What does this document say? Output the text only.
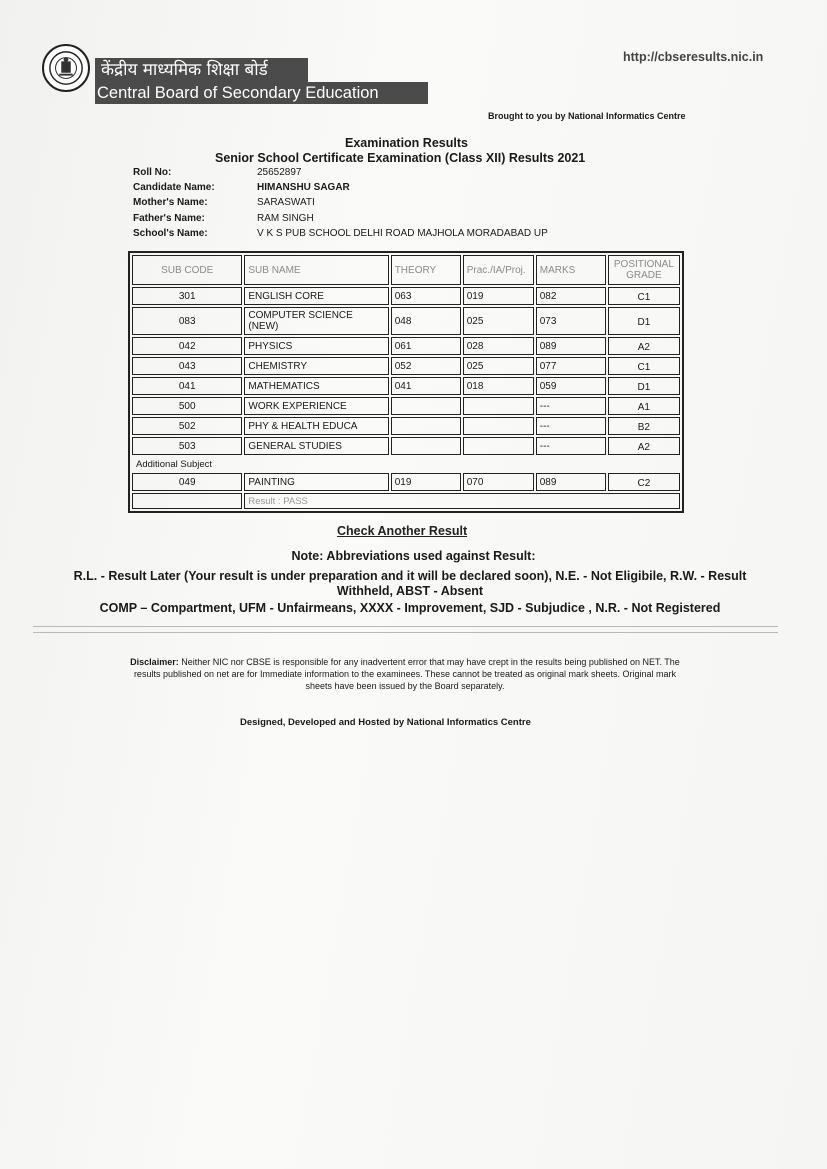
केंद्रीय माध्यमिक शिक्षा बोर्ड
Central Board of Secondary Education
http://cbseresults.nic.in
Brought to you by National Informatics Centre
Examination Results
Senior School Certificate Examination (Class XII) Results 2021
Roll No:	25652897
Candidate Name:	HIMANSHU SAGAR
Mother's Name:	SARASWATI
Father's Name:	RAM SINGH
School's Name:	V K S PUB SCHOOL DELHI ROAD MAJHOLA MORADABAD UP
SUB CODE	SUB NAME	THEORY	Prac./IA/Proj.	MARKS	POSITIONAL
GRADE
301	ENGLISH CORE	063	019	082	C1
083	COMPUTER SCIENCE (NEW)	048	025	073	D1
042	PHYSICS	061	028	089	A2
043	CHEMISTRY	052	025	077	C1
041	MATHEMATICS	041	018	059	D1
500	WORK EXPERIENCE			---	A1
502	PHY & HEALTH EDUCA			---	B2
503	GENERAL STUDIES			---	A2
Additional Subject					
049	PAINTING	019	070	089	C2
	Result : PASS				
Check Another Result
Note: Abbreviations used against Result:
R.L. - Result Later (Your result is under preparation and it will be declared soon), N.E. - Not Eligibile, R.W. - Result
Withheld, ABST - Absent
COMP – Compartment, UFM - Unfairmeans, XXXX - Improvement, SJD - Subjudice , N.R. - Not Registered
Disclaimer: Neither NIC nor CBSE is responsible for any inadvertent error that may have crept in the results being published on NET. The results published on net are for Immediate information to the examinees. These cannot be treated as original mark sheets. Original mark sheets have been issued by the Board separately.
Designed, Developed and Hosted by National Informatics Centre
